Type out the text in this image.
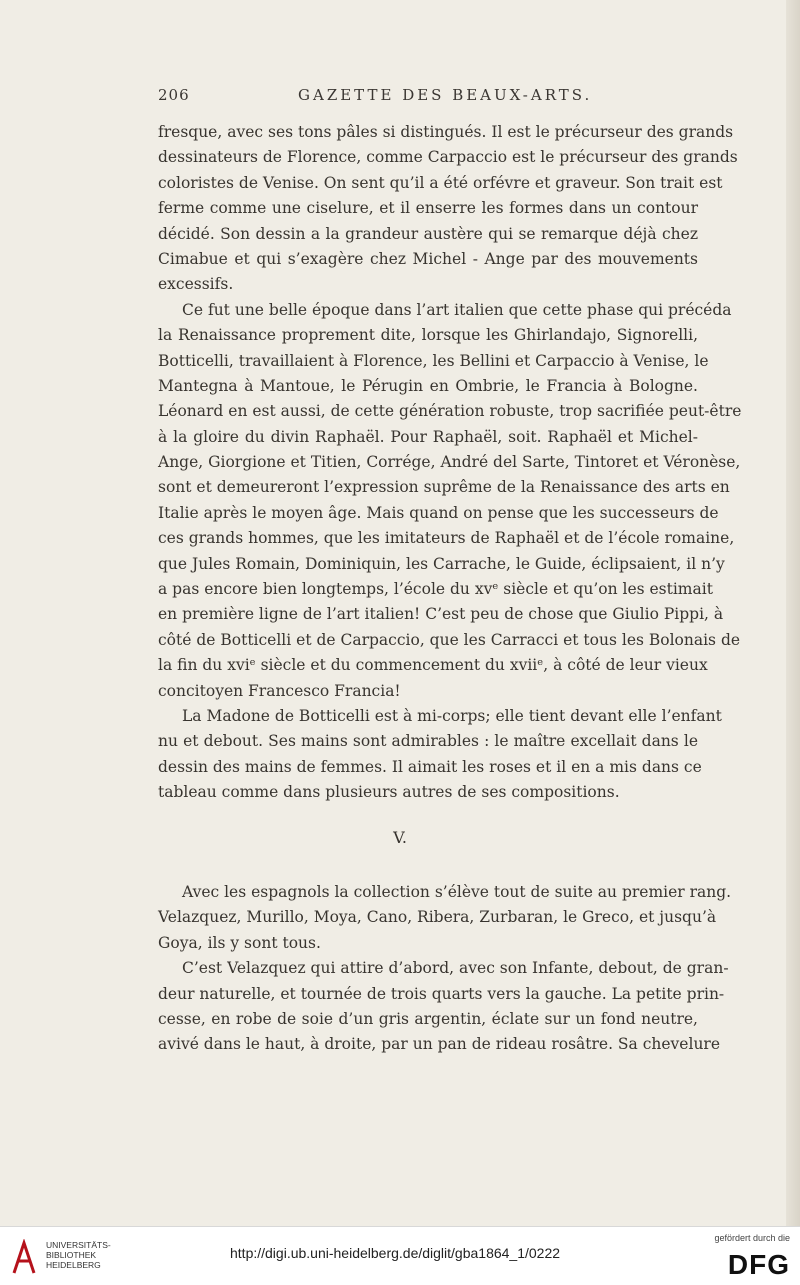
206	GAZETTE DES BEAUX-ARTS.
fresque, avec ses tons pâles si distingués. Il est le précurseur des grands
dessinateurs de Florence, comme Carpaccio est le précurseur des grands
coloristes de Venise. On sent qu’il a été orfévre et graveur. Son trait est
ferme comme une ciselure, et il enserre les formes dans un contour
décidé. Son dessin a la grandeur austère qui se remarque déjà chez
Cimabue et qui s’exagère chez Michel - Ange par des mouvements
excessifs.
Ce fut une belle époque dans l’art italien que cette phase qui précéda
la Renaissance proprement dite, lorsque les Ghirlandajo, Signorelli,
Botticelli, travaillaient à Florence, les Bellini et Carpaccio à Venise, le
Mantegna à Mantoue, le Pérugin en Ombrie, le Francia à Bologne.
Léonard en est aussi, de cette génération robuste, trop sacrifiée peut-être
à la gloire du divin Raphaël. Pour Raphaël, soit. Raphaël et Michel-
Ange, Giorgione et Titien, Corrége, André del Sarte, Tintoret et Véronèse,
sont et demeureront l’expression suprême de la Renaissance des arts en
Italie après le moyen âge. Mais quand on pense que les successeurs de
ces grands hommes, que les imitateurs de Raphaël et de l’école romaine,
que Jules Romain, Dominiquin, les Carrache, le Guide, éclipsaient, il n’y
a pas encore bien longtemps, l’école du xvᵉ siècle et qu’on les estimait
en première ligne de l’art italien! C’est peu de chose que Giulio Pippi, à
côté de Botticelli et de Carpaccio, que les Carracci et tous les Bolonais de
la fin du xviᵉ siècle et du commencement du xviiᵉ, à côté de leur vieux
concitoyen Francesco Francia!
La Madone de Botticelli est à mi-corps; elle tient devant elle l’enfant
nu et debout. Ses mains sont admirables : le maître excellait dans le
dessin des mains de femmes. Il aimait les roses et il en a mis dans ce
tableau comme dans plusieurs autres de ses compositions.
V.
Avec les espagnols la collection s’élève tout de suite au premier rang.
Velazquez, Murillo, Moya, Cano, Ribera, Zurbaran, le Greco, et jusqu’à
Goya, ils y sont tous.
C’est Velazquez qui attire d’abord, avec son Infante, debout, de gran-
deur naturelle, et tournée de trois quarts vers la gauche. La petite prin-
cesse, en robe de soie d’un gris argentin, éclate sur un fond neutre,
avivé dans le haut, à droite, par un pan de rideau rosâtre. Sa chevelure
UNIVERSITÄTS-
BIBLIOTHEK
HEIDELBERG
http://digi.ub.uni-heidelberg.de/diglit/gba1864_1/0222
gefördert durch die
DFG
